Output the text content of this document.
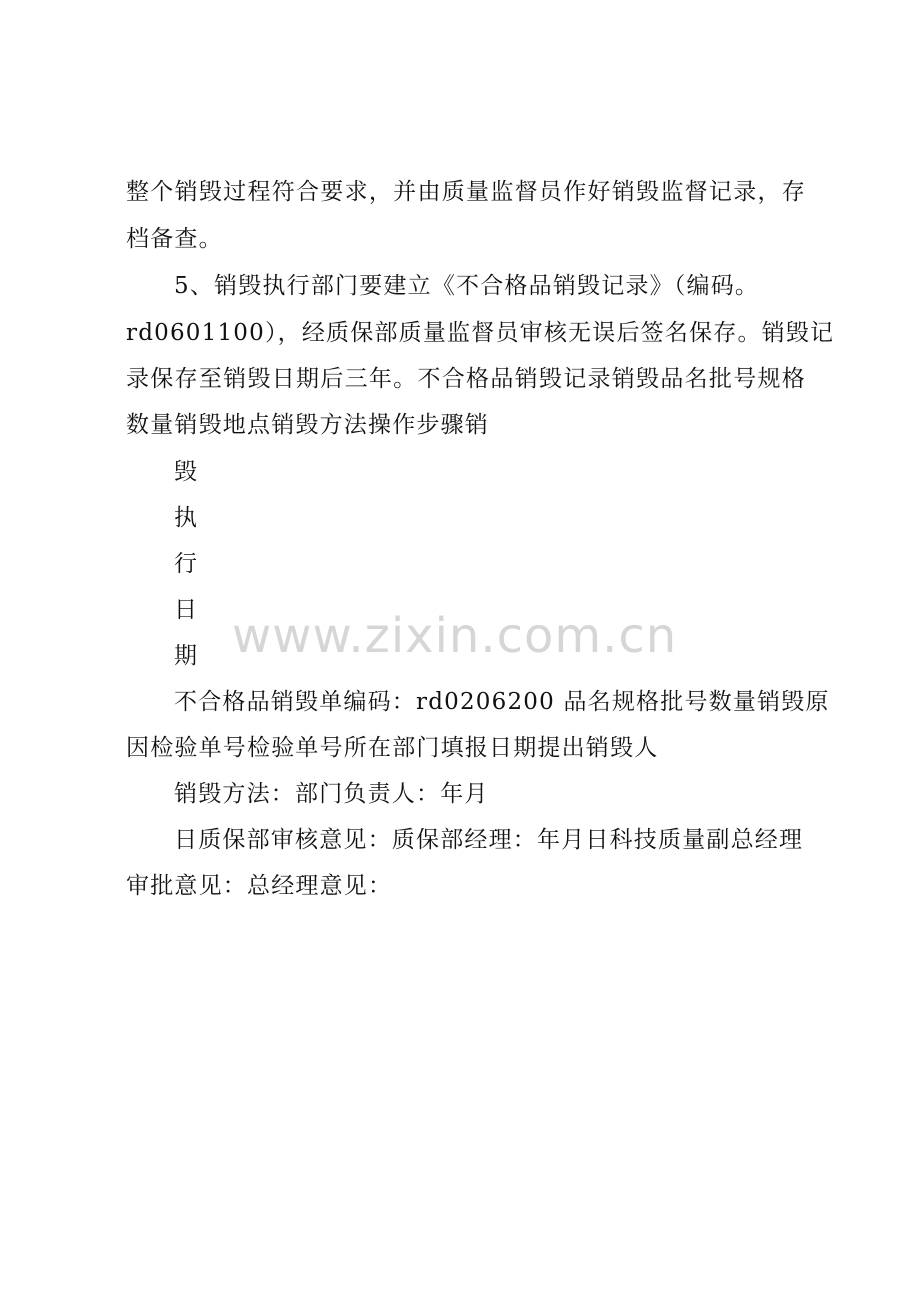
整个销毁过程符合要求，并由质量监督员作好销毁监督记录，存
档备查。
5、销毁执行部门要建立《不合格品销毁记录》（编码。
rd0601100），经质保部质量监督员审核无误后签名保存。销毁记
录保存至销毁日期后三年。不合格品销毁记录销毁品名批号规格
数量销毁地点销毁方法操作步骤销
毁
执
行
日
期
不合格品销毁单编码：rd0206200 品名规格批号数量销毁原
因检验单号检验单号所在部门填报日期提出销毁人
销毁方法：部门负责人：年月
日质保部审核意见：质保部经理：年月日科技质量副总经理
审批意见：总经理意见：
www.zixin.com.cn
